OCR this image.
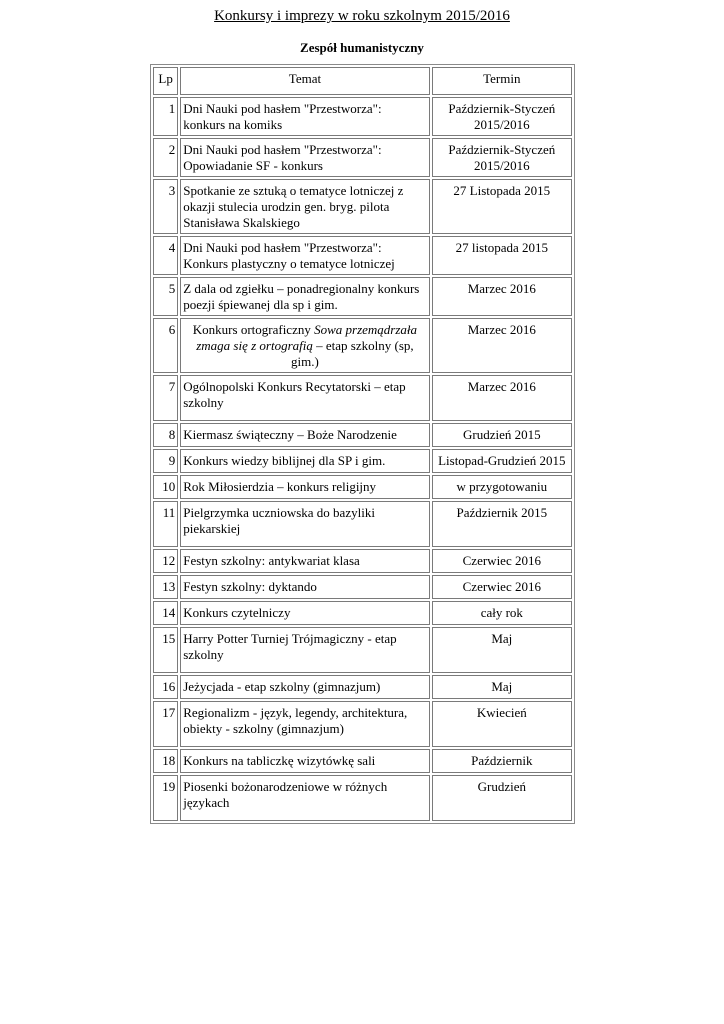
Konkursy i imprezy w roku szkolnym 2015/2016
Zespół humanistyczny
Lp	Temat	Termin
1	Dni Nauki pod hasłem "Przestworza": konkurs na komiks	Październik-Styczeń 2015/2016
2	Dni Nauki pod hasłem "Przestworza": Opowiadanie SF - konkurs	Październik-Styczeń 2015/2016
3	Spotkanie ze sztuką o tematyce lotniczej z okazji stulecia urodzin gen. bryg. pilota Stanisława Skalskiego	27 Listopada 2015
4	Dni Nauki pod hasłem "Przestworza": Konkurs plastyczny o tematyce lotniczej	27 listopada 2015
5	Z dala od zgiełku – ponadregionalny konkurs poezji śpiewanej dla sp i gim.	Marzec 2016
6	Konkurs ortograficzny Sowa przemądrzała zmaga się z ortografią – etap szkolny (sp, gim.)	Marzec 2016
7	Ogólnopolski Konkurs Recytatorski – etap szkolny	Marzec 2016
8	Kiermasz świąteczny – Boże Narodzenie	Grudzień 2015
9	Konkurs wiedzy biblijnej dla SP i gim.	Listopad-Grudzień 2015
10	Rok Miłosierdzia – konkurs religijny	w przygotowaniu
11	Pielgrzymka uczniowska do bazyliki piekarskiej	Październik 2015
12	Festyn szkolny: antykwariat klasa	Czerwiec 2016
13	Festyn szkolny: dyktando	Czerwiec 2016
14	Konkurs czytelniczy	cały rok
15	Harry Potter Turniej Trójmagiczny - etap szkolny	Maj
16	Jeżycjada - etap szkolny (gimnazjum)	Maj
17	Regionalizm - język, legendy, architektura, obiekty - szkolny (gimnazjum)	Kwiecień
18	Konkurs na tabliczkę wizytówkę sali	Październik
19	Piosenki bożonarodzeniowe w różnych językach	Grudzień
